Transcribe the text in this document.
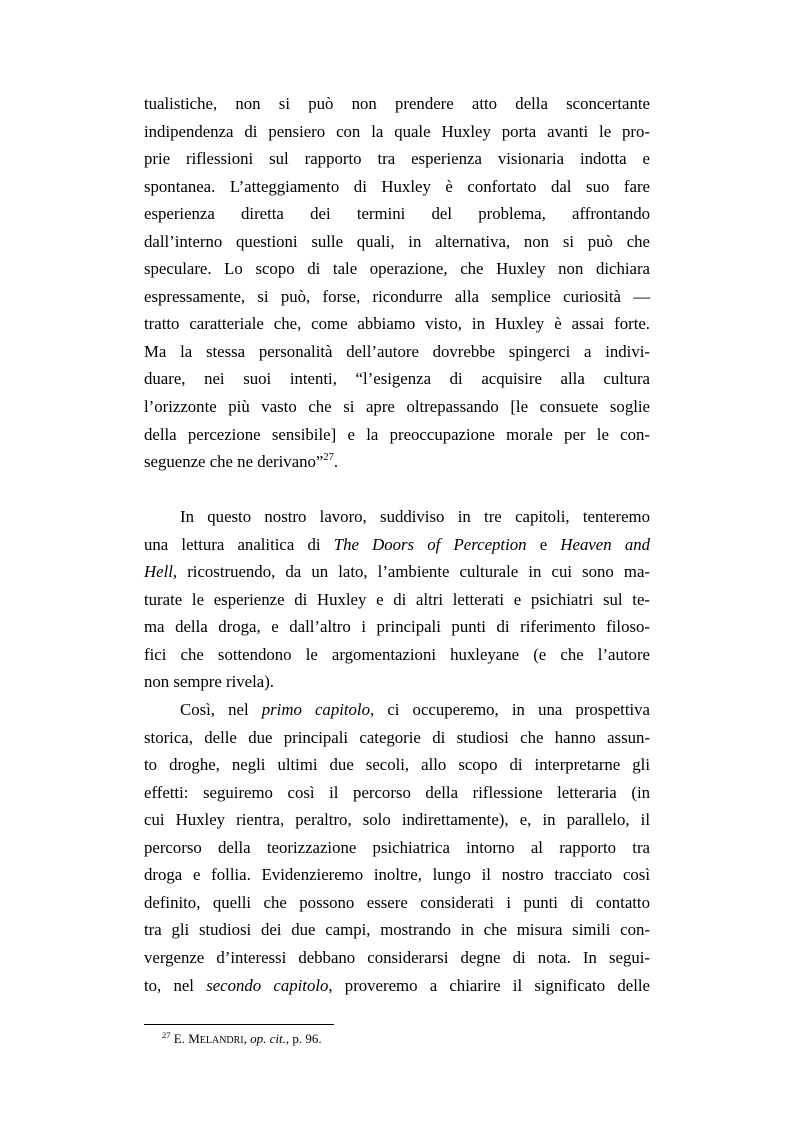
tualistiche, non si può non prendere atto della sconcertante
indipendenza di pensiero con la quale Huxley porta avanti le pro-
prie riflessioni sul rapporto tra esperienza visionaria indotta e
spontanea. L’atteggiamento di Huxley è confortato dal suo fare
esperienza diretta dei termini del problema, affrontando
dall’interno questioni sulle quali, in alternativa, non si può che
speculare. Lo scopo di tale operazione, che Huxley non dichiara
espressamente, si può, forse, ricondurre alla semplice curiosità —
tratto caratteriale che, come abbiamo visto, in Huxley è assai forte.
Ma la stessa personalità dell’autore dovrebbe spingerci a indivi-
duare, nei suoi intenti, “l’esigenza di acquisire alla cultura
l’orizzonte più vasto che si apre oltrepassando [le consuete soglie
della percezione sensibile] e la preoccupazione morale per le con-
seguenze che ne derivano”$^{27}$.
In questo nostro lavoro, suddiviso in tre capitoli, tenteremo
una lettura analitica di The Doors of Perception e Heaven and
Hell, ricostruendo, da un lato, l’ambiente culturale in cui sono ma-
turate le esperienze di Huxley e di altri letterati e psichiatri sul te-
ma della droga, e dall’altro i principali punti di riferimento filoso-
fici che sottendono le argomentazioni huxleyane (e che l’autore
non sempre rivela).
Così, nel primo capitolo, ci occuperemo, in una prospettiva
storica, delle due principali categorie di studiosi che hanno assun-
to droghe, negli ultimi due secoli, allo scopo di interpretarne gli
effetti: seguiremo così il percorso della riflessione letteraria (in
cui Huxley rientra, peraltro, solo indirettamente), e, in parallelo, il
percorso della teorizzazione psichiatrica intorno al rapporto tra
droga e follia. Evidenzieremo inoltre, lungo il nostro tracciato così
definito, quelli che possono essere considerati i punti di contatto
tra gli studiosi dei due campi, mostrando in che misura simili con-
vergenze d’interessi debbano considerarsi degne di nota. In segui-
to, nel secondo capitolo, proveremo a chiarire il significato delle
$^{27}$ E. MELANDRI, op. cit., p. 96.
